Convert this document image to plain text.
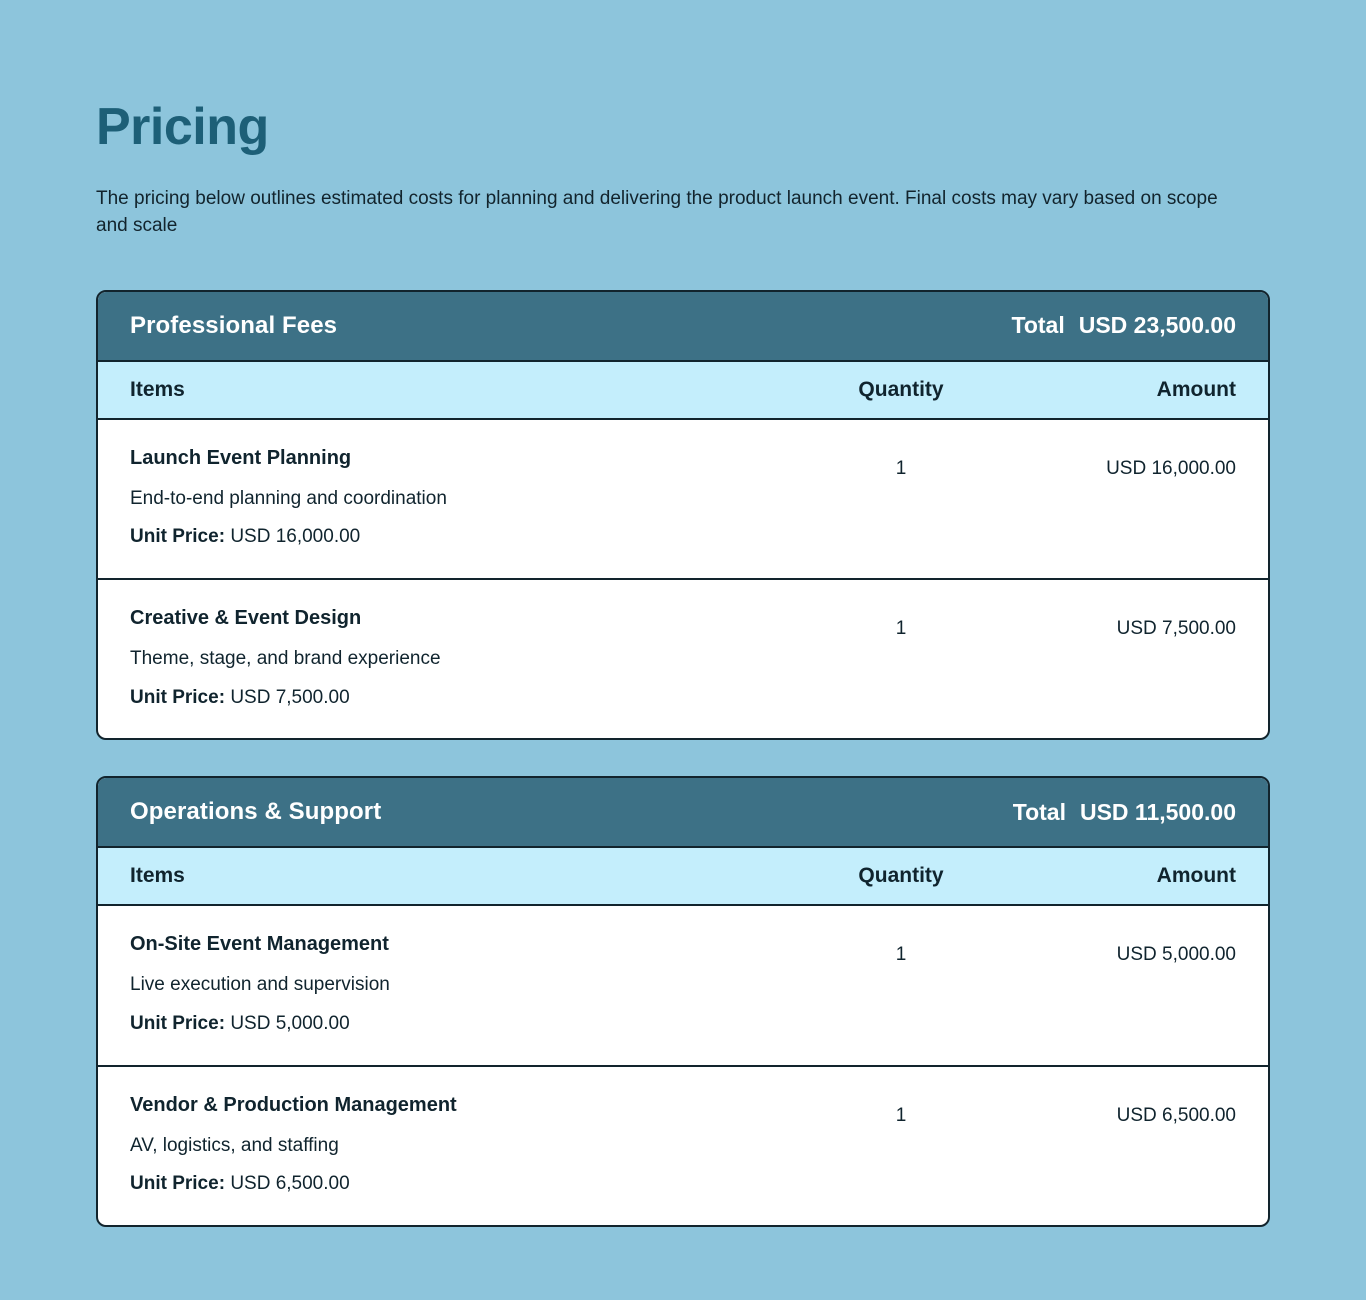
Pricing

The pricing below outlines estimated costs for planning and delivering the product launch event. Final costs may vary based on scope and scale

Professional Fees	Total USD 23,500.00
Items	Quantity	Amount
Launch Event Planning
End-to-end planning and coordination
Unit Price: USD 16,000.00
1	USD 16,000.00
Creative & Event Design
Theme, stage, and brand experience
Unit Price: USD 7,500.00
1	USD 7,500.00
Operations & Support	Total USD 11,500.00
Items	Quantity	Amount
On-Site Event Management
Live execution and supervision
Unit Price: USD 5,000.00
1	USD 5,000.00
Vendor & Production Management
AV, logistics, and staffing
Unit Price: USD 6,500.00
1	USD 6,500.00
